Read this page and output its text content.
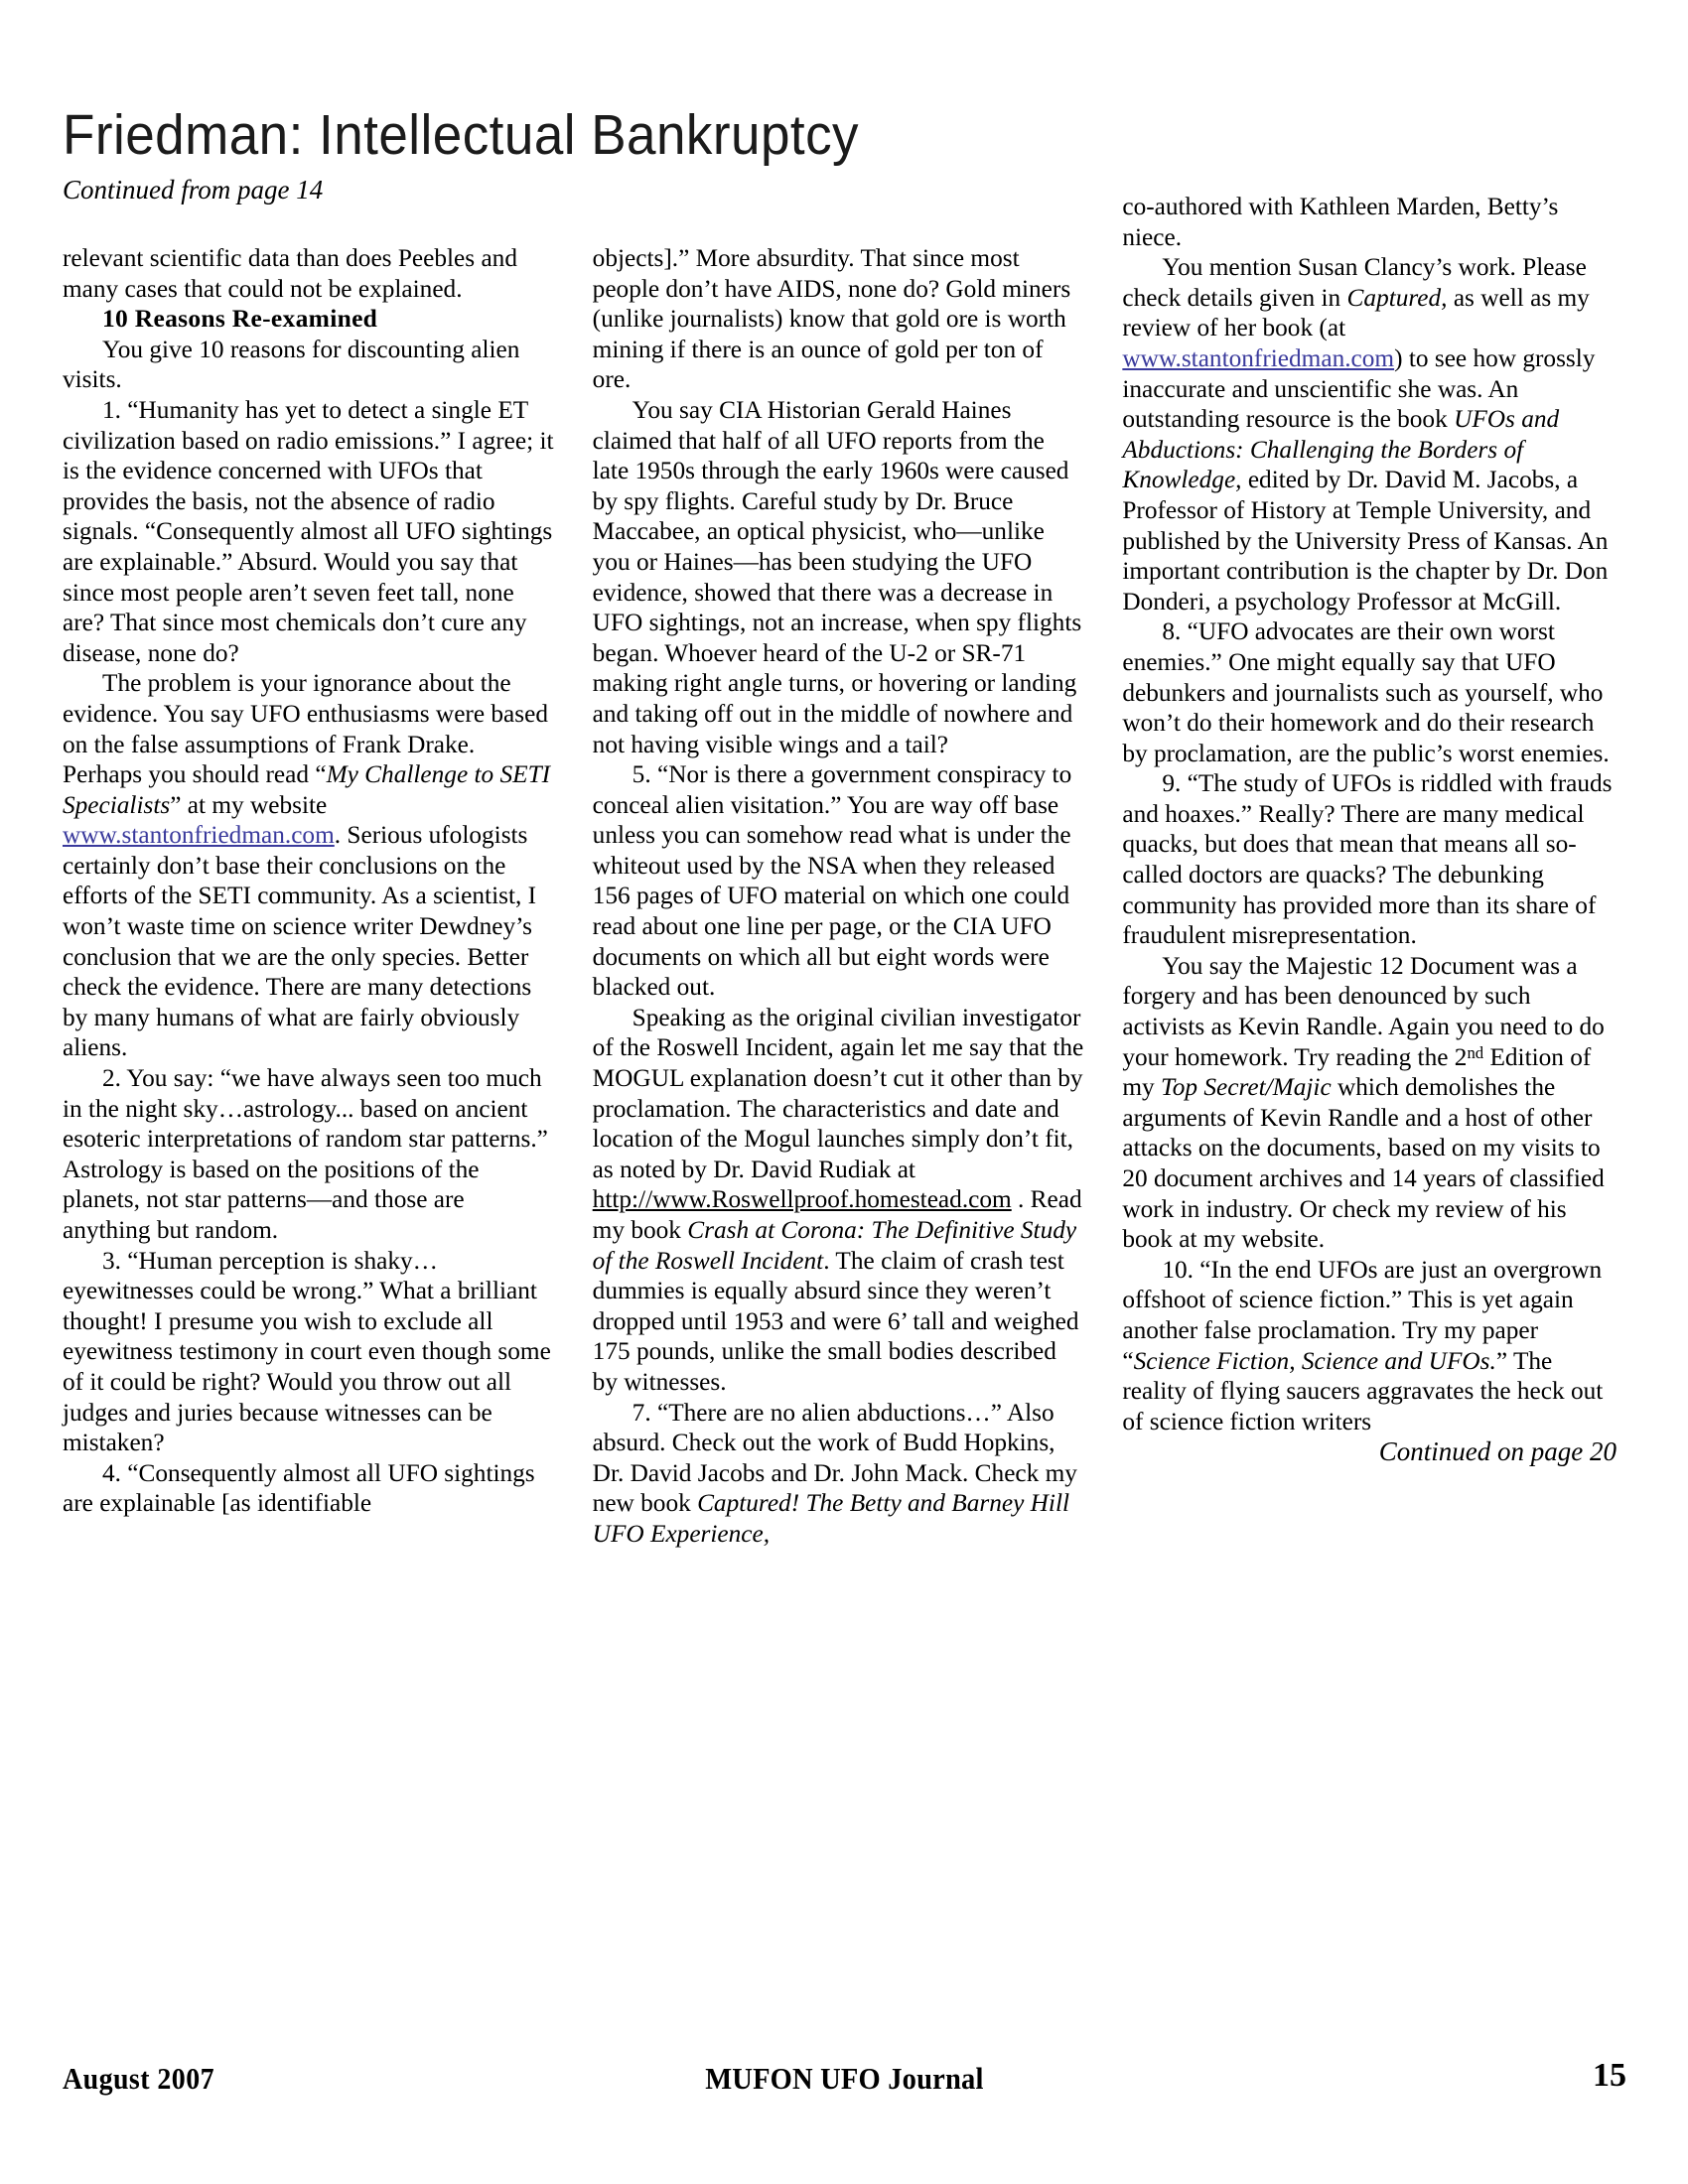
Friedman: Intellectual Bankruptcy
Continued from page 14

relevant scientific data than does Peebles and many cases that could not be explained.

10 Reasons Re-examined

You give 10 reasons for discounting alien visits.

1. “Humanity has yet to detect a single ET civilization based on radio emissions.” I agree; it is the evidence concerned with UFOs that provides the basis, not the absence of radio signals. “Consequently almost all UFO sightings are explainable.” Absurd. Would you say that since most people aren’t seven feet tall, none are? That since most chemicals don’t cure any disease, none do?

The problem is your ignorance about the evidence. You say UFO enthusiasms were based on the false assumptions of Frank Drake. Perhaps you should read “My Challenge to SETI Specialists” at my website www.stantonfriedman.com. Serious ufologists certainly don’t base their conclusions on the efforts of the SETI community. As a scientist, I won’t waste time on science writer Dewdney’s conclusion that we are the only species. Better check the evidence. There are many detections by many humans of what are fairly obviously aliens.

2. You say: “we have always seen too much in the night sky…astrology... based on ancient esoteric interpretations of random star patterns.” Astrology is based on the positions of the planets, not star patterns—and those are anything but random.

3. “Human perception is shaky… eyewitnesses could be wrong.” What a brilliant thought! I presume you wish to exclude all eyewitness testimony in court even though some of it could be right? Would you throw out all judges and juries because witnesses can be mistaken?

4. “Consequently almost all UFO sightings are explainable [as identifiable

objects].” More absurdity. That since most people don’t have AIDS, none do? Gold miners (unlike journalists) know that gold ore is worth mining if there is an ounce of gold per ton of ore.

You say CIA Historian Gerald Haines claimed that half of all UFO reports from the late 1950s through the early 1960s were caused by spy flights. Careful study by Dr. Bruce Maccabee, an optical physicist, who—unlike you or Haines—has been studying the UFO evidence, showed that there was a decrease in UFO sightings, not an increase, when spy flights began. Whoever heard of the U-2 or SR-71 making right angle turns, or hovering or landing and taking off out in the middle of nowhere and not having visible wings and a tail?

5. “Nor is there a government conspiracy to conceal alien visitation.” You are way off base unless you can somehow read what is under the whiteout used by the NSA when they released 156 pages of UFO material on which one could read about one line per page, or the CIA UFO documents on which all but eight words were blacked out.

Speaking as the original civilian investigator of the Roswell Incident, again let me say that the MOGUL explanation doesn’t cut it other than by proclamation. The characteristics and date and location of the Mogul launches simply don’t fit, as noted by Dr. David Rudiak at http://www.Roswellproof.homestead.com . Read my book Crash at Corona: The Definitive Study of the Roswell Incident. The claim of crash test dummies is equally absurd since they weren’t dropped until 1953 and were 6’ tall and weighed 175 pounds, unlike the small bodies described by witnesses.

7. “There are no alien abductions…” Also absurd. Check out the work of Budd Hopkins, Dr. David Jacobs and Dr. John Mack. Check my new book Captured! The Betty and Barney Hill UFO Experience,

co-authored with Kathleen Marden, Betty’s niece.

You mention Susan Clancy’s work. Please check details given in Captured, as well as my review of her book (at www.stantonfriedman.com) to see how grossly inaccurate and unscientific she was. An outstanding resource is the book UFOs and Abductions: Challenging the Borders of Knowledge, edited by Dr. David M. Jacobs, a Professor of History at Temple University, and published by the University Press of Kansas. An important contribution is the chapter by Dr. Don Donderi, a psychology Professor at McGill.

8. “UFO advocates are their own worst enemies.” One might equally say that UFO debunkers and journalists such as yourself, who won’t do their homework and do their research by proclamation, are the public’s worst enemies.

9. “The study of UFOs is riddled with frauds and hoaxes.” Really? There are many medical quacks, but does that mean that means all so-called doctors are quacks? The debunking community has provided more than its share of fraudulent misrepresentation.

You say the Majestic 12 Document was a forgery and has been denounced by such activists as Kevin Randle. Again you need to do your homework. Try reading the 2nd Edition of my Top Secret/Majic which demolishes the arguments of Kevin Randle and a host of other attacks on the documents, based on my visits to 20 document archives and 14 years of classified work in industry. Or check my review of his book at my website.

10. “In the end UFOs are just an overgrown offshoot of science fiction.” This is yet again another false proclamation. Try my paper “Science Fiction, Science and UFOs.” The reality of flying saucers aggravates the heck out of science fiction writers

Continued on page 20

August 2007	MUFON UFO Journal	15
